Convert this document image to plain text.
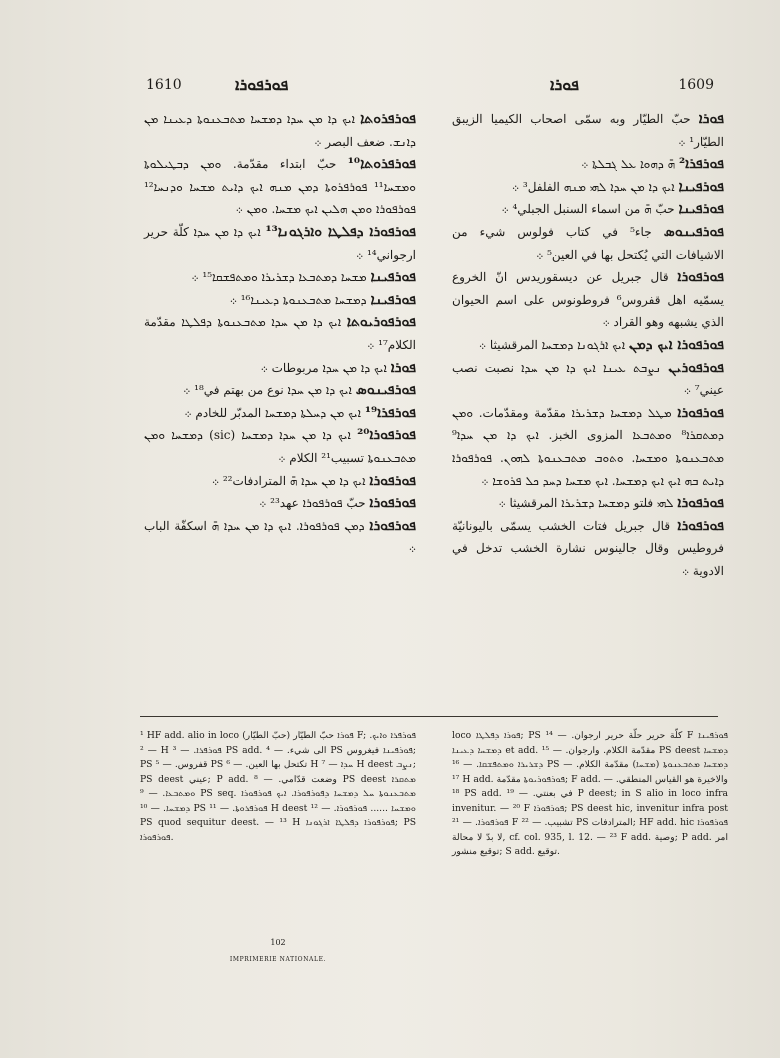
1610	ܦܘܪܦܘܪܐ	ܦܘܪܐ	1609

ܦܘܪܦܪܘܬܐ ܐܝܟ ܕܐ ܡܢ ܚܕܐ ܕܡܫܚܐ ܡܬܒܥܢܘܬܐ ܕܥܝܢܐ ܡܢ ܕܐܢܫ. ضعف البصر ܀

ܦܘܪܦܪܘܬܐ¹⁰ حبّ ابتداء مقدّمة. ܘܡܢ ܕܒܛܝܠܘܬܐ ܘܡܫܚܐ¹¹ ܦܘܪܦܪܘܬܐ ܕܡܢ ܡܢܗ ܐܝܟ ܕܐܝܬ ܡܫܚܐ ܘܕܢܚܐ¹² ܦܘܪܦܘܪܐ ܘܡܢ ܗܠܝܢ ܐܝܟ ܡܫܚܐ. ܘܡܢ ܀

ܦܘܪܦܘܪܐ ܕܦܠܛܐ ܘܐܪܓܘܢܐ¹³ ܐܝܟ ܕܐ ܡܢ ܚܕܐ كلّة حرير ارجواني¹⁴ ܀

ܦܘܪܦܝܢܐ ܡܫܚܐ ܕܡܬܒܥܐ ܕܫܪܝܪܐ ܘܡܬܦܫܩܐ¹⁵ ܀

ܦܘܪܦܝܢܐ ܕܡܫܚܐ ܡܬܒܥܢܘܬܐ ܕܥܝܢܐ¹⁶ ܀

ܦܘܪܦܘܪܝܘܬܐ ܐܝܟ ܕܐ ܡܢ ܚܕܐ ܡܬܒܥܢܘܬܐ ܕܦܠܛܐ مقدّمة الكلام¹⁷ ܀

ܦܘܪܐ ܐܝܟ ܕܐ ܡܢ ܚܕܐ مربوطات ܀

ܦܘܪܦܝܢܘܣ ܐܝܟ ܕܐ ܡܢ ܚܕܐ نوع من بهتم في¹⁸ ܀

ܦܘܪܦܪܐ¹⁹ ܐܝܟ ܡܢ ܕܚܠܬܐ ܕܡܫܚܐ المدبّر للخادم ܀

ܦܘܪܦܘܪܐ²⁰ ܐܝܟ ܕܐ ܡܢ ܚܕܐ ܕܡܫܚܐ (sic) ܕܡܫܚܐ ܘܡܢ ܡܬܒܥܢܘܬܐ تسبيب²¹ الكلام ܀

ܦܘܪܦܘܪܐ ܐܝܟ ܕܐ ܡܢ ܚܕܐ ܗ̄ المترادفات²² ܀

ܦܘܪܦܘܪܐ حبّ ܦܘܪܦܘܪܐ عهد²³ ܀

ܦܘܪܦܘܪܐ ܕܡܢ ܦܘܪܦܘܪܐ. ܐܝܟ ܕܐ ܡܢ ܚܕܐ ܗ̄ اسكفّة الباب ܀

ܦܘܪܐ حبّ الطيّار وبه سمّى اصحاب الكيميا الزيبق الطيّار¹ ܀

ܦܘܪܦܪܐ² ܗ̄ ܕܗܘܐ ܥܠ ܓܒܠܬܐ ܀

ܦܘܪܦܝܢܐ ܐܝܟ ܕܐ ܡܢ ܚܕܐ ܠܗܝ ܡܢܗ الفلفل³ ܀

ܦܘܪܦܝܢܐ حبّ ܗ̄ من اسماء السنبل الجبلي⁴ ܀

ܦܘܪܦܝܢܘܣ جاء⁵ في كتاب فولوس شيء من الاشيافات التي يُكتحل بها في العين⁵ ܀

ܦܘܪܦܘܪܐ قال جبريل عن ديسقوريدس انّ الخروع يسمّيه اهل قفروس⁶ فروطونوس على اسم الحيوان الذي يشبهه وهو القراد ܀

ܦܘܪܦܘܪܐ ܐܝܟ ܕܡܢ ܐܝܟ ܐܪܓܘܢܐ ܕܡܫܚܐ المرقشيثا ܀

ܦܘܪܦܘܪܝܢ ܢܨܒܬ ܥܝܢܐ ܐܝܟ ܕܐ ܡܢ ܚܕܐ نصبت نصب عيني⁷ ܀

ܦܘܪܦܘܪܐ ܡܛܠ ܕܡܫܚܐ ܕܫܪܝܪܐ مقدّمة ومقدّمات. ܘܡܢ ܕܡܬܩܪܐ⁸ ܘܡܬܒܥܐ المزوى الخبز. ܐܝܟ ܕܐ ܡܢ ܚܕܐ⁹ ܡܬܒܥܢܘܬܐ ܘܡܫܚܐ. ܘܬܘܒ ܡܬܒܥܢܘܬܐ ܠܗܘܢ. ܦܘܪܦܘܪܐ ܕܐܝܬ ܒܗ ܐܝܟ ܐܝܟ ܕܡܫܚܐ. ܐܝܟ ܡܫܚܐ ܕܚܕ ܟܠ ܦܪܘܫܐ ܀

ܦܘܪܦܘܪܐ ܠܗܝ فلتو ܕܡܫܚܐ ܕܫܪܝܪܐ المرقشيثا ܀

ܦܘܪܦܘܪܐ قال جبريل فتات الخشب يسمّى باليونانيّة فروطيس وقال جالينوس نشارة الخشب تدخل في الادوية ܀

¹ HF add. alio in loco ܦܘܪܐ حبّ الطيّار (حبّ الطيّار) F; ܦܘܪܦܪܐ ܘܐܝܟ. — ² H ܦܘܪܦܪܐ. — ³ PS add. الى شيء. — ⁴ PS ܦܘܪܦܝܢܐ فيغروس; PS قفروس. — ⁵ PS تكتحل بها العين. — ⁶ H ܚܕܐ — ⁷ H deest ܢܨܒ; PS deest عيني; P add. وضعت قدّامي. — ⁸ PS deest ܡܬܩܪܐ ܘܡܬܒܥܐ. — ⁹ PS seq. ܡܬܒܥܢܘܬܐ ܚܠ ܕܡܫܚܐ ܕܦܘܪܦܘܪܐ. ܐܝܟ ܦܘܪܦܘܪܐ ܕܡܫܚܐ. — ¹⁰ PS ܦܘܪܦܪܘܬܐ. — ¹¹ H deest ܘܡܫܚܐ ...... ܦܘܪܦܘܪܐ. — ¹² PS quod sequitur deest. — ¹³ H ܦܘܪܦܘܪܐ ܕܦܠܛܐ ܐܪܓܘܢܐ; PS ܦܘܪܦܘܪܐ.

loco ܦܘܪܐ ܕܦܠܛܐ; PS كلّة حرير حلّة حرير ارجوان. — ¹⁴ F ܦܘܪܦܝܢܐ ܕܡܫܚܐ ܕܥܝܢܐ et add. مقدّمة الكلام. وارجوان. — ¹⁵ PS deest ܕܡܫܚܐ ܕܫܪܝܪܐ ܘܡܬܦܫܩܐ. — ¹⁶ PS ܕܡܫܚܐ ܡܬܒܥܢܘܬܐ (ܡܫܚܐ) مقدّمة الكلام. — ¹⁷ H add. ܦܘܪܦܘܪܝܘܬܐ مقدّمة; F add. والاخيرة هو القياس المنطقي. — ¹⁸ PS add. في بعنتي. — ¹⁹ P deest; in S alio in loco infra invenitur. — ²⁰ F ܦܘܪܦܘܪܐ; PS deest hic, invenitur infra post ܦܘܪܦܘܪܐ. — ²¹ F تشبيب. — ²² PS المترادفات; HF add. hic ܦܘܪܦܘܪܐ لا بدّ لا محالة, cf. col. 935, l. 12. — ²³ F add. وصية; P add. امر توقيع منشور; S add. توقيع.

102
IMPRIMERIE NATIONALE.
